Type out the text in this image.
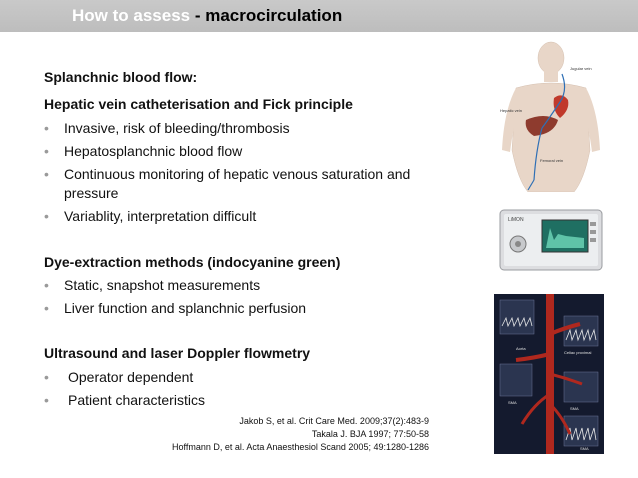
How to assess - macrocirculation
Splanchnic blood flow:
Hepatic vein catheterisation and Fick principle
•	Invasive, risk of bleeding/thrombosis
•	Hepatosplanchnic blood flow
•	Continuous monitoring of hepatic venous saturation and pressure
•	Variablity, interpretation difficult
Dye-extraction methods (indocyanine green)
•	Static, snapshot measurements
•	Liver function and splanchnic perfusion
Ultrasound and laser Doppler flowmetry
•	Operator dependent
•	Patient characteristics
Jakob S, et al. Crit Care Med. 2009;37(2):483-9
Takala J. BJA 1997; 77:50-58
Hoffmann D, et al. Acta Anaesthesiol Scand 2005; 49:1280-1286
Jugular vein
Hepatic vein
Femoral vein
LiMON
Aorta
Celiac proximal
SMA
SMA
SMA
